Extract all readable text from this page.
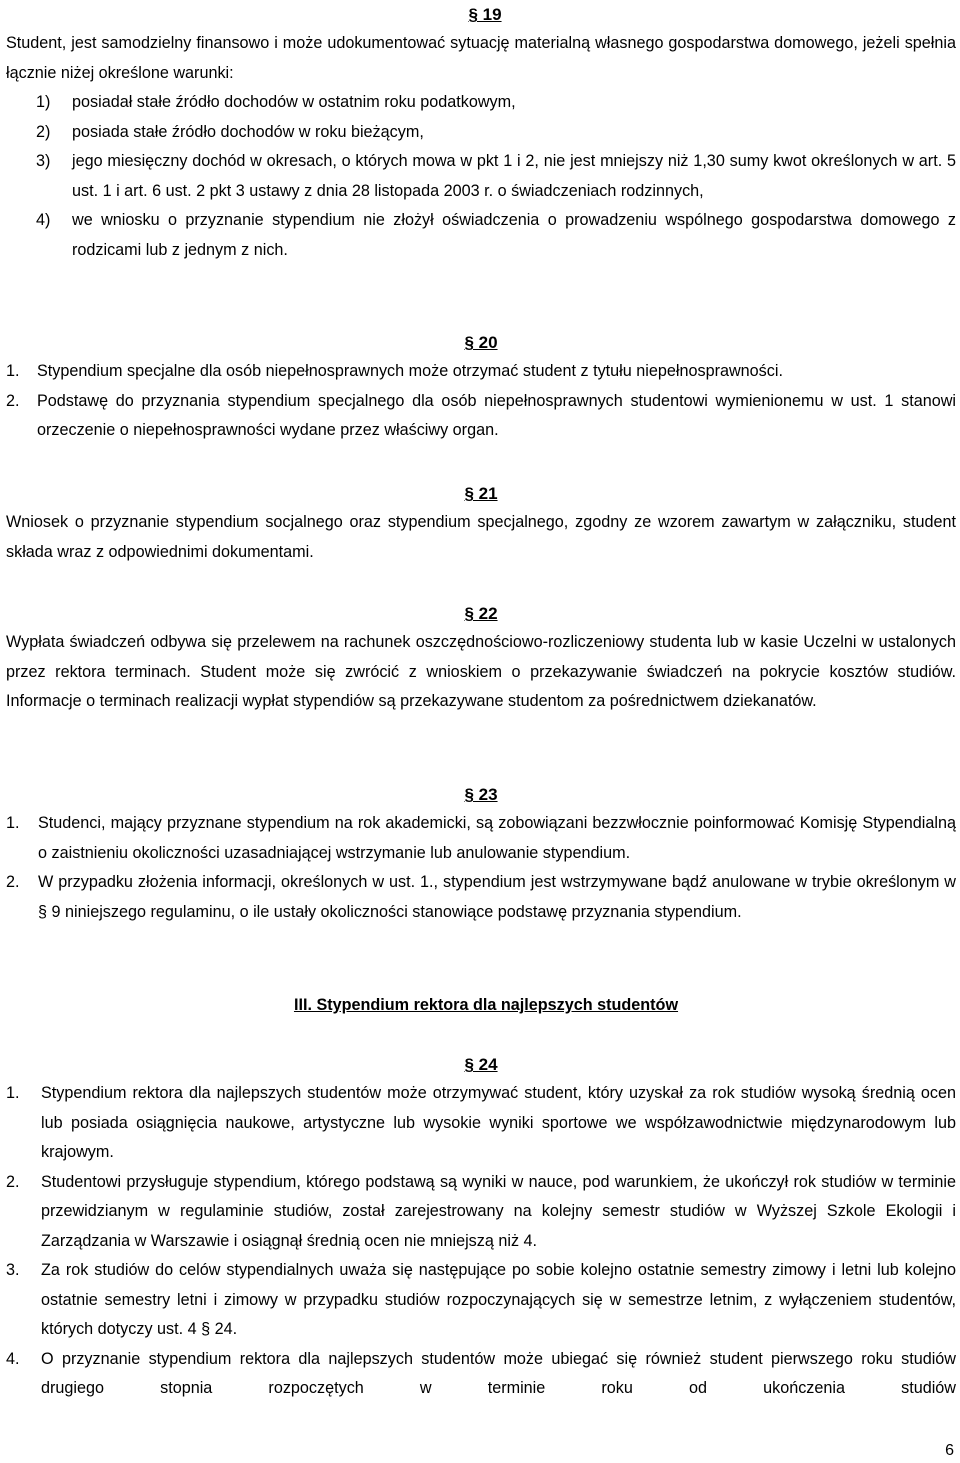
§ 19

Student, jest samodzielny finansowo i może udokumentować sytuację materialną własnego gospodarstwa domowego, jeżeli spełnia łącznie niżej określone warunki:

1)	posiadał stałe źródło dochodów w ostatnim roku podatkowym,
2)	posiada stałe źródło dochodów w roku bieżącym,
3)	jego miesięczny dochód w okresach, o których mowa w pkt 1 i 2, nie jest mniejszy niż 1,30 sumy kwot określonych w art. 5 ust. 1 i art. 6 ust. 2 pkt 3 ustawy z dnia 28 listopada 2003 r. o świadczeniach rodzinnych,
4)	we wniosku o przyznanie stypendium nie złożył oświadczenia o prowadzeniu wspólnego gospodarstwa domowego z rodzicami lub z jednym z nich.
§ 20
1.	Stypendium specjalne dla osób niepełnosprawnych może otrzymać student z tytułu niepełnosprawności.
2.	Podstawę do przyznania stypendium specjalnego dla osób niepełnosprawnych studentowi wymienionemu w ust. 1 stanowi orzeczenie o niepełnosprawności wydane przez właściwy organ.
§ 21

Wniosek o przyznanie stypendium socjalnego oraz stypendium specjalnego, zgodny ze wzorem zawartym w załączniku, student składa wraz z odpowiednimi dokumentami.

§ 22

Wypłata świadczeń odbywa się przelewem na rachunek oszczędnościowo-rozliczeniowy studenta lub w kasie Uczelni w ustalonych przez rektora terminach. Student może się zwrócić z wnioskiem o przekazywanie świadczeń na pokrycie kosztów studiów. Informacje o terminach realizacji wypłat stypendiów są przekazywane studentom za pośrednictwem dziekanatów.

§ 23
1.	Studenci, mający przyznane stypendium na rok akademicki, są zobowiązani bezzwłocznie poinformować Komisję Stypendialną o zaistnieniu okoliczności uzasadniającej wstrzymanie lub anulowanie stypendium.
2.	W przypadku złożenia informacji, określonych w ust. 1., stypendium jest wstrzymywane bądź anulowane w trybie określonym w § 9 niniejszego regulaminu, o ile ustały okoliczności stanowiące podstawę przyznania stypendium.
III. Stypendium rektora dla najlepszych studentów
§ 24
1.	Stypendium rektora dla najlepszych studentów może otrzymywać student, który uzyskał za rok studiów wysoką średnią ocen lub posiada osiągnięcia naukowe, artystyczne lub wysokie wyniki sportowe we współzawodnictwie międzynarodowym lub krajowym.
2.	Studentowi przysługuje stypendium, którego podstawą są wyniki w nauce, pod warunkiem, że ukończył rok studiów w terminie przewidzianym w regulaminie studiów, został zarejestrowany na kolejny semestr studiów w Wyższej Szkole Ekologii i Zarządzania w Warszawie i osiągnął średnią ocen nie mniejszą niż 4.
3.	Za rok studiów do celów stypendialnych uważa się następujące po sobie kolejno ostatnie semestry zimowy i letni lub kolejno ostatnie semestry letni i zimowy w przypadku studiów rozpoczynających się w semestrze letnim, z wyłączeniem studentów, których dotyczy ust. 4 § 24.
4.	O przyznanie stypendium rektora dla najlepszych studentów może ubiegać się również student pierwszego roku studiów drugiego stopnia rozpoczętych w terminie roku od ukończenia studiów
6
